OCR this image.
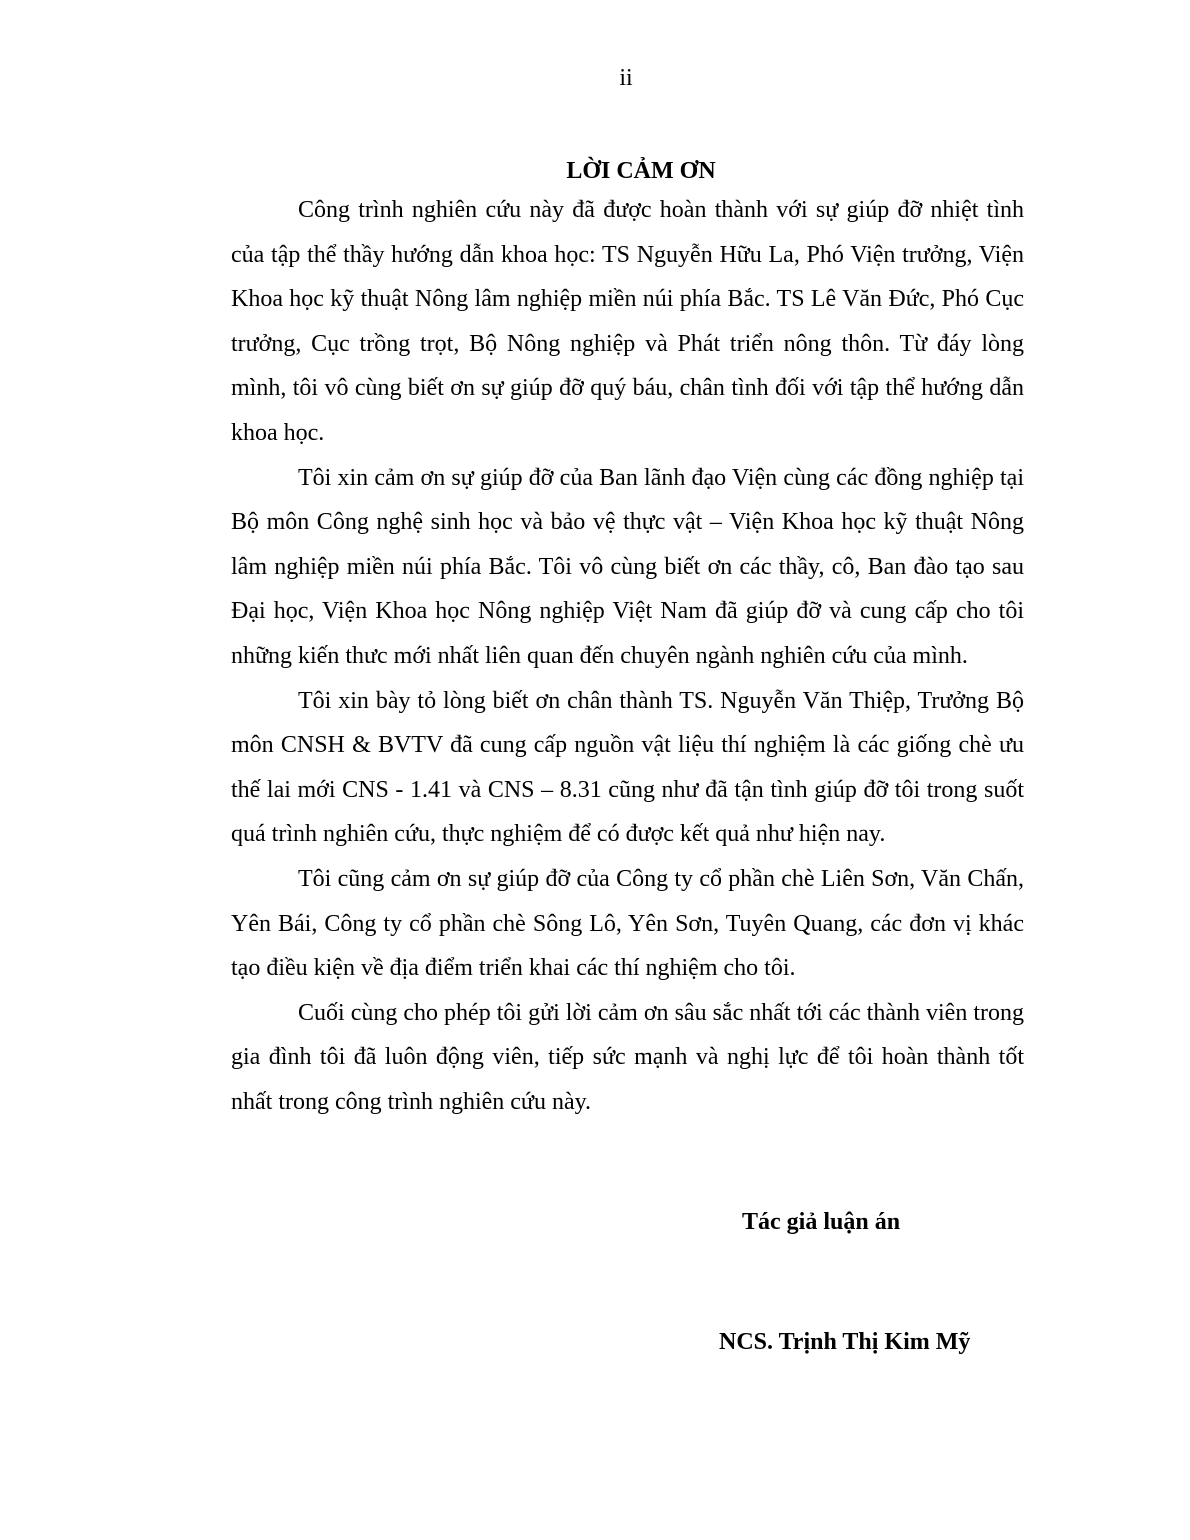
ii
LỜI CẢM ƠN

Công trình nghiên cứu này đã được hoàn thành với sự giúp đỡ nhiệt tình của tập thể thầy hướng dẫn khoa học: TS Nguyễn Hữu La, Phó Viện trưởng, Viện Khoa học kỹ thuật Nông lâm nghiệp miền núi phía Bắc. TS Lê Văn Đức, Phó Cục trưởng, Cục trồng trọt, Bộ Nông nghiệp và Phát triển nông thôn. Từ đáy lòng mình, tôi vô cùng biết ơn sự giúp đỡ quý báu, chân tình đối với tập thể hướng dẫn khoa học.

Tôi xin cảm ơn sự giúp đỡ của Ban lãnh đạo Viện cùng các đồng nghiệp tại Bộ môn Công nghệ sinh học và bảo vệ thực vật – Viện Khoa học kỹ thuật Nông lâm nghiệp miền núi phía Bắc. Tôi vô cùng biết ơn các thầy, cô, Ban đào tạo sau Đại học, Viện Khoa học Nông nghiệp Việt Nam đã giúp đỡ và cung cấp cho tôi những kiến thưc mới nhất liên quan đến chuyên ngành nghiên cứu của mình.

Tôi xin bày tỏ lòng biết ơn chân thành TS. Nguyễn Văn Thiệp, Trưởng Bộ môn CNSH & BVTV đã cung cấp nguồn vật liệu thí nghiệm là các giống chè ưu thế lai mới CNS - 1.41 và CNS – 8.31 cũng như đã tận tình giúp đỡ tôi trong suốt quá trình nghiên cứu, thực nghiệm để có được kết quả như hiện nay.

Tôi cũng cảm ơn sự giúp đỡ của Công ty cổ phần chè Liên Sơn, Văn Chấn, Yên Bái, Công ty cổ phần chè Sông Lô, Yên Sơn, Tuyên Quang, các đơn vị khác tạo điều kiện về địa điểm triển khai các thí nghiệm cho tôi.

Cuối cùng cho phép tôi gửi lời cảm ơn sâu sắc nhất tới các thành viên trong gia đình tôi đã luôn động viên, tiếp sức mạnh và nghị lực để tôi hoàn thành tốt nhất trong công trình nghiên cứu này.

Tác giả luận án
NCS. Trịnh Thị Kim Mỹ
